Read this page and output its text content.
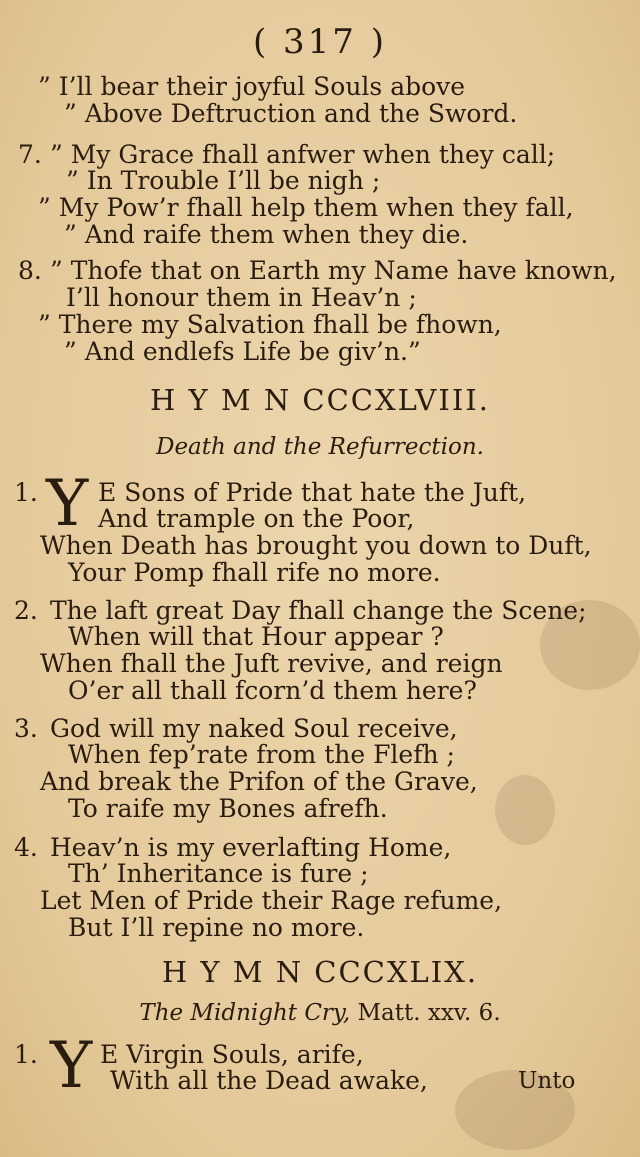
( 317 )
” I’ll bear their joyful Souls above
” Above Deftruction and the Sword.
7. ” My Grace fhall anfwer when they call;
” In Trouble I’ll be nigh ;
” My Pow’r fhall help them when they fall,
” And raife them when they die.
8. ” Thofe that on Earth my Name have known,
I’ll honour them in Heav’n ;
” There my Salvation fhall be fhown,
” And endlefs Life be giv’n.”
H Y M N CCCXLVIII.
Death and the Refurrection.
1. Y E Sons of Pride that hate the Juft,
And trample on the Poor,
When Death has brought you down to Duft,
Your Pomp fhall rife no more.
2. The laft great Day fhall change the Scene;
When will that Hour appear ?
When fhall the Juft revive, and reign
O’er all thall fcorn’d them here?
3. God will my naked Soul receive,
When fep’rate from the Flefh ;
And break the Prifon of the Grave,
To raife my Bones afrefh.
4. Heav’n is my everlafting Home,
Th’ Inheritance is fure ;
Let Men of Pride their Rage refume,
But I’ll repine no more.
H Y M N CCCXLIX.
The Midnight Cry, Matt. xxv. 6.
1. Y E Virgin Souls, arife,
With all the Dead awake,	Unto
